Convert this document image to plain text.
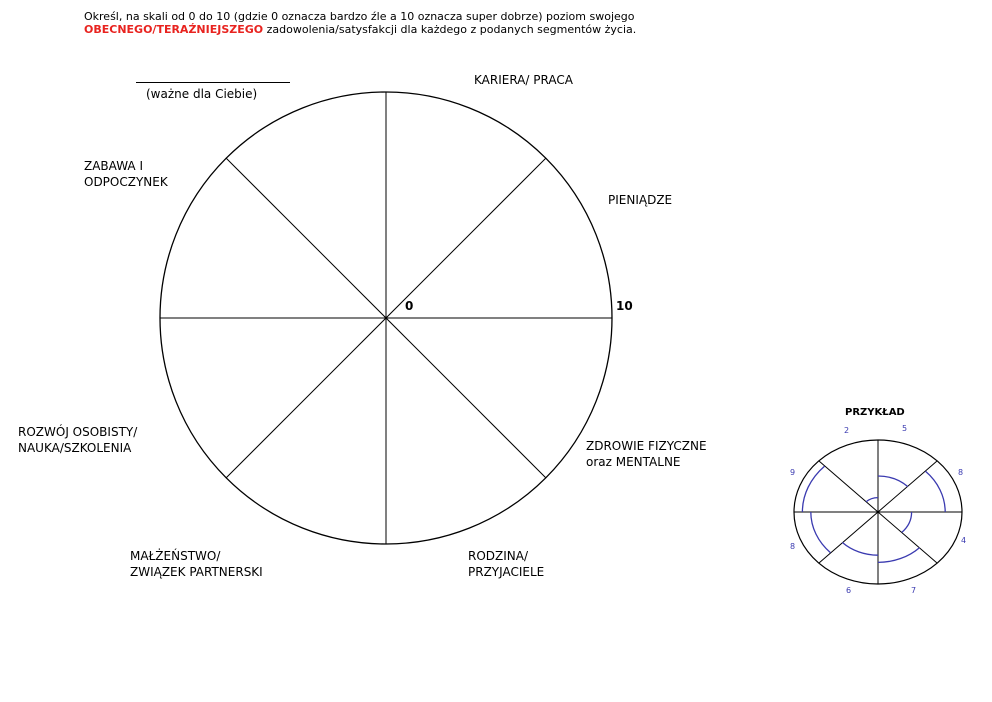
Określ, na skali od 0 do 10 (gdzie 0 oznacza bardzo źle a 10 oznacza super dobrze) poziom swojego
OBECNEGO/TERAŹNIEJSZEGO zadowolenia/satysfakcji dla każdego z podanych segmentów życia.
(ważne dla Ciebie)
0	10
KARIERA/ PRACA
PIENIĄDZE
ZDROWIE FIZYCZNE
oraz MENTALNE
RODZINA/
PRZYJACIELE
MAŁŻEŃSTWO/
ZWIĄZEK PARTNERSKI
ROZWÓJ OSOBISTY/
NAUKA/SZKOLENIA
ZABAWA I
ODPOCZYNEK
PRZYKŁAD
5
8
4
7
6
8
9
2
